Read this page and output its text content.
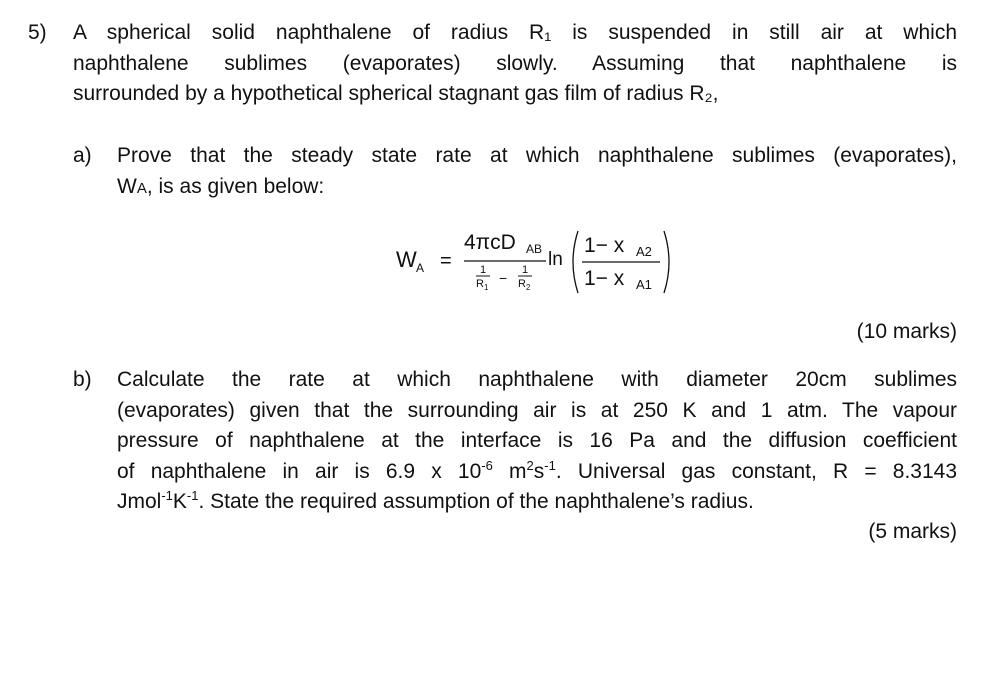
5) A spherical solid naphthalene of radius R₁ is suspended in still air at which
naphthalene sublimes (evaporates) slowly. Assuming that naphthalene is
surrounded by a hypothetical spherical stagnant gas film of radius R₂,
a) Prove that the steady state rate at which naphthalene sublimes (evaporates),
WA, is as given below:
W A =
4πcD AB
1
R 1
− 1
R 2
ln
1− x A2
1− x A1
(10 marks)
b) Calculate the rate at which naphthalene with diameter 20cm sublimes
(evaporates) given that the surrounding air is at 250 K and 1 atm. The vapour
pressure of naphthalene at the interface is 16 Pa and the diffusion coefficient
of naphthalene in air is 6.9 x $10^{-6}$ $m^2s^{-1}$. Universal gas constant, R = 8.3143
$Jmol^{-1}K^{-1}$. State the required assumption of the naphthalene’s radius.
(5 marks)
